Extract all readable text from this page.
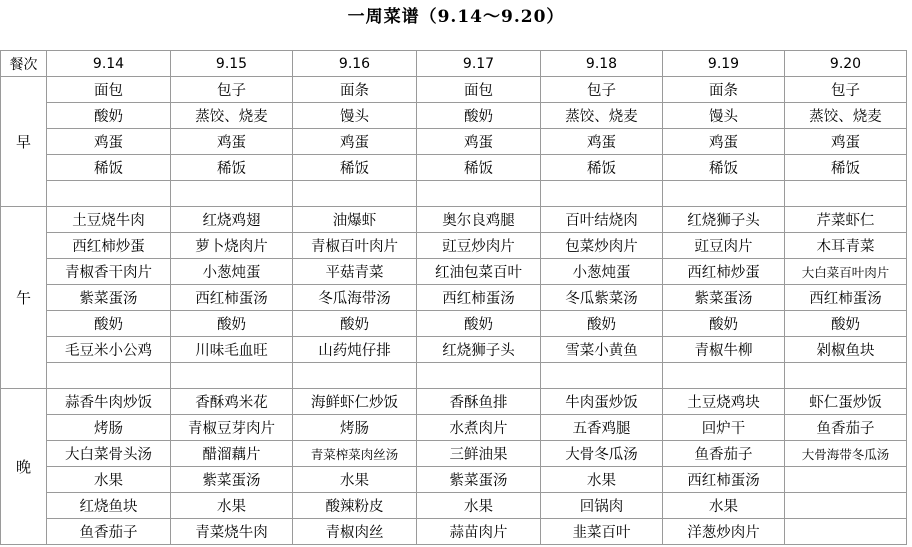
一周菜谱（9.14～9.20）
餐次	9.14	9.15	9.16	9.17	9.18	9.19	9.20
早	面包	包子	面条	面包	包子	面条	包子
	酸奶	蒸饺、烧麦	馒头	酸奶	蒸饺、烧麦	馒头	蒸饺、烧麦
	鸡蛋	鸡蛋	鸡蛋	鸡蛋	鸡蛋	鸡蛋	鸡蛋
	稀饭	稀饭	稀饭	稀饭	稀饭	稀饭	稀饭

午	土豆烧牛肉	红烧鸡翅	油爆虾	奥尔良鸡腿	百叶结烧肉	红烧狮子头	芹菜虾仁
	西红柿炒蛋	萝卜烧肉片	青椒百叶肉片	豇豆炒肉片	包菜炒肉片	豇豆肉片	木耳青菜
	青椒香干肉片	小葱炖蛋	平菇青菜	红油包菜百叶	小葱炖蛋	西红柿炒蛋	大白菜百叶肉片
	紫菜蛋汤	西红柿蛋汤	冬瓜海带汤	西红柿蛋汤	冬瓜紫菜汤	紫菜蛋汤	西红柿蛋汤
	酸奶	酸奶	酸奶	酸奶	酸奶	酸奶	酸奶
	毛豆米小公鸡	川味毛血旺	山药炖仔排	红烧狮子头	雪菜小黄鱼	青椒牛柳	剁椒鱼块

晚	蒜香牛肉炒饭	香酥鸡米花	海鲜虾仁炒饭	香酥鱼排	牛肉蛋炒饭	土豆烧鸡块	虾仁蛋炒饭
	烤肠	青椒豆芽肉片	烤肠	水煮肉片	五香鸡腿	回炉干	鱼香茄子
	大白菜骨头汤	醋溜藕片	青菜榨菜肉丝汤	三鲜油果	大骨冬瓜汤	鱼香茄子	大骨海带冬瓜汤
	水果	紫菜蛋汤	水果	紫菜蛋汤	水果	西红柿蛋汤	
	红烧鱼块	水果	酸辣粉皮	水果	回锅肉	水果	
	鱼香茄子	青菜烧牛肉	青椒肉丝	蒜苗肉片	韭菜百叶	洋葱炒肉片	
